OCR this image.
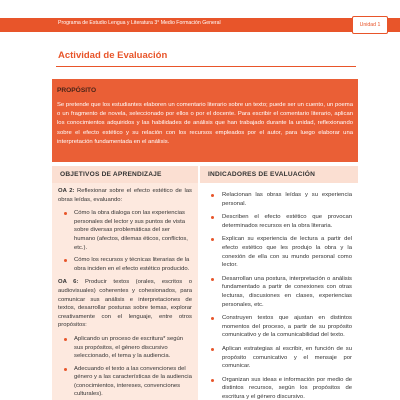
Programa de Estudio Lengua y Literatura 3° Medio Formación General	Unidad 1
Actividad de Evaluación
PROPÓSITO
Se pretende que los estudiantes elaboren un comentario literario sobre un texto; puede ser un cuento, un poema o un fragmento de novela, seleccionado por ellos o por el docente. Para escribir el comentario literario, aplican los conocimientos adquiridos y las habilidades de análisis que han trabajado durante la unidad, reflexionando sobre el efecto estético y su relación con los recursos empleados por el autor, para luego elaborar una interpretación fundamentada en el análisis.
OBJETIVOS DE APRENDIZAJE	INDICADORES DE EVALUACIÓN

OA 2: Reflexionar sobre el efecto estético de las obras leídas, evaluando:

Cómo la obra dialoga con las experiencias personales del lector y sus puntos de vista sobre diversas problemáticas del ser humano (afectos, dilemas éticos, conflictos, etc.).
Cómo los recursos y técnicas literarias de la obra inciden en el efecto estético producido.

OA 6: Producir textos (orales, escritos o audiovisuales) coherentes y cohesionados, para comunicar sus análisis e interpretaciones de textos, desarrollar posturas sobre temas, explorar creativamente con el lenguaje, entre otros propósitos:

Aplicando un proceso de escritura* según sus propósitos, el género discursivo seleccionado, el tema y la audiencia.
Adecuando el texto a las convenciones del género y a las características de la audiencia (conocimientos, intereses, convenciones culturales).
Relacionan las obras leídas y su experiencia personal.
Describen el efecto estético que provocan determinados recursos en la obra literaria.
Explican su experiencia de lectura a partir del efecto estético que les produjo la obra y la conexión de ella con su mundo personal como lector.
Desarrollan una postura, interpretación o análisis fundamentado a partir de conexiones con otras lecturas, discusiones en clases, experiencias personales, etc.
Construyen textos que ajustan en distintos momentos del proceso, a partir de su propósito comunicativo y de la comunicabilidad del texto.
Aplican estrategias al escribir, en función de su propósito comunicativo y el mensaje por comunicar.
Organizan sus ideas e información por medio de distintos recursos, según los propósitos de escritura y el género discursivo.
